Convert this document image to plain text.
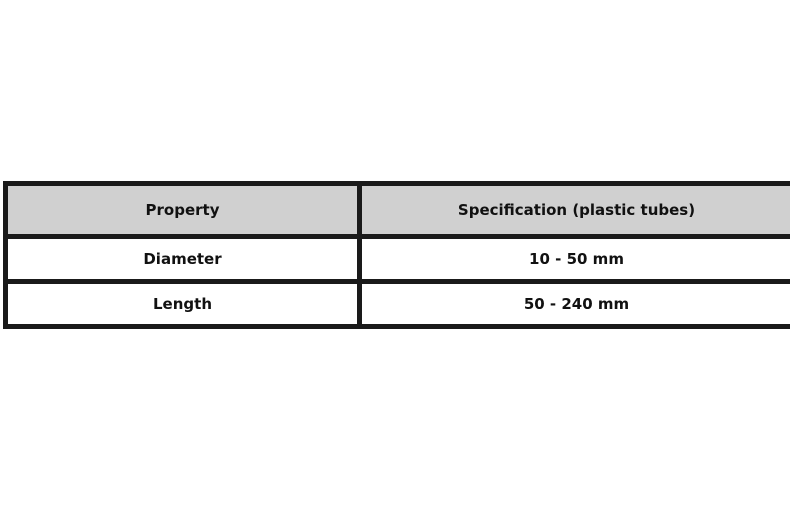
Property	Specification (plastic tubes)
Diameter	10 - 50 mm
Length	50 - 240 mm
